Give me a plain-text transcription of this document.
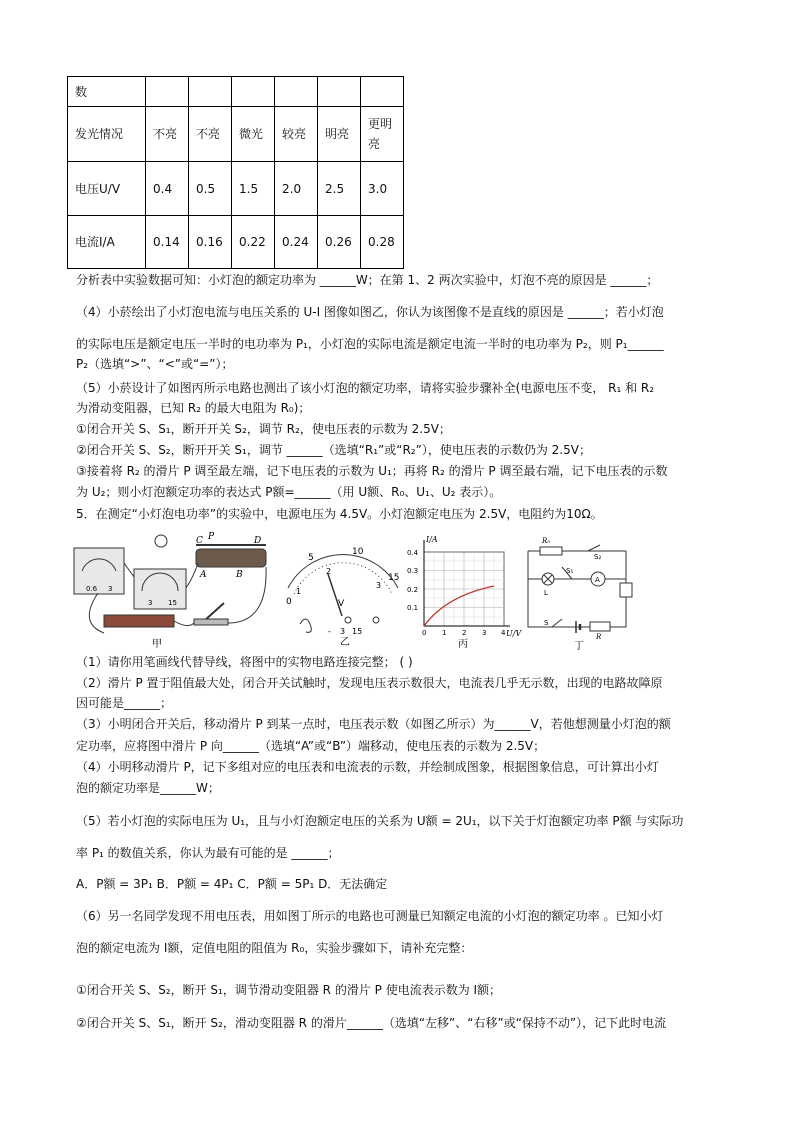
数						
发光情况	不亮	不亮	微光	较亮	明亮	更明亮
电压U/V	0.4	0.5	1.5	2.0	2.5	3.0
电流I/A	0.14	0.16	0.22	0.24	0.26	0.28
分析表中实验数据可知：小灯泡的额定功率为 ______W；在第 1、2 两次实验中，灯泡不亮的原因是 ______；
（4）小菸绘出了小灯泡电流与电压关系的 U-I 图像如图乙，你认为该图像不是直线的原因是 ______；若小灯泡
的实际电压是额定电压一半时的电功率为 P₁，小灯泡的实际电流是额定电流一半时的电功率为 P₂，则 P₁______
P₂（选填“>”、“<”或“=”）；
（5）小菸设计了如图丙所示电路也测出了该小灯泡的额定功率，请将实验步骤补全(电源电压不变， R₁ 和 R₂
为滑动变阻器，已知 R₂ 的最大电阻为 R₀)；
①闭合开关 S、S₁，断开开关 S₂，调节 R₂，使电压表的示数为 2.5V；
②闭合开关 S、S₂，断开开关 S₁，调节 ______（选填“R₁”或“R₂”），使电压表的示数仍为 2.5V；
③接着将 R₂ 的滑片 P 调至最左端，记下电压表的示数为 U₁；再将 R₂ 的滑片 P 调至最右端，记下电压表的示数
为 U₂；则小灯泡额定功率的表达式 P额=______（用 U额、R₀、U₁、U₂ 表示）。
5．在测定“小灯泡电功率”的实验中，电源电压为 4.5V。小灯泡额定电压为 2.5V，电阻约为10Ω。
0.6 3
3 15
C P	D
A	B
甲
0
5
10
15
1
2
3
V
- 3 15
乙
I/A
U/V
0.1
0.2
0.3
0.4
0 1 2 3 4
丙
R₀
S₂
S₁
A
L
S
R
丁
（1）请你用笔画线代替导线，将图中的实物电路连接完整； ( )
（2）滑片 P 置于阻值最大处，闭合开关试触时，发现电压表示数很大，电流表几乎无示数，出现的电路故障原
因可能是______；
（3）小明闭合开关后，移动滑片 P 到某一点时，电压表示数（如图乙所示）为______V，若他想测量小灯泡的额
定功率，应将图中滑片 P 向______（选填“A”或“B”）端移动，使电压表的示数为 2.5V；
（4）小明移动滑片 P，记下多组对应的电压表和电流表的示数，并绘制成图象，根据图象信息，可计算出小灯
泡的额定功率是______W；
（5）若小灯泡的实际电压为 U₁，且与小灯泡额定电压的关系为 U额 = 2U₁，以下关于灯泡额定功率 P额 与实际功
率 P₁ 的数值关系，你认为最有可能的是 ______；
A．P额 = 3P₁ B．P额 = 4P₁ C．P额 = 5P₁ D．无法确定
（6）另一名同学发现不用电压表，用如图丁所示的电路也可测量已知额定电流的小灯泡的额定功率 。已知小灯
泡的额定电流为 I额，定值电阻的阻值为 R₀，实验步骤如下，请补充完整：
①闭合开关 S、S₂，断开 S₁，调节滑动变阻器 R 的滑片 P 使电流表示数为 I额；
②闭合开关 S、S₁，断开 S₂，滑动变阻器 R 的滑片______（选填“左移”、“右移”或“保持不动”），记下此时电流
